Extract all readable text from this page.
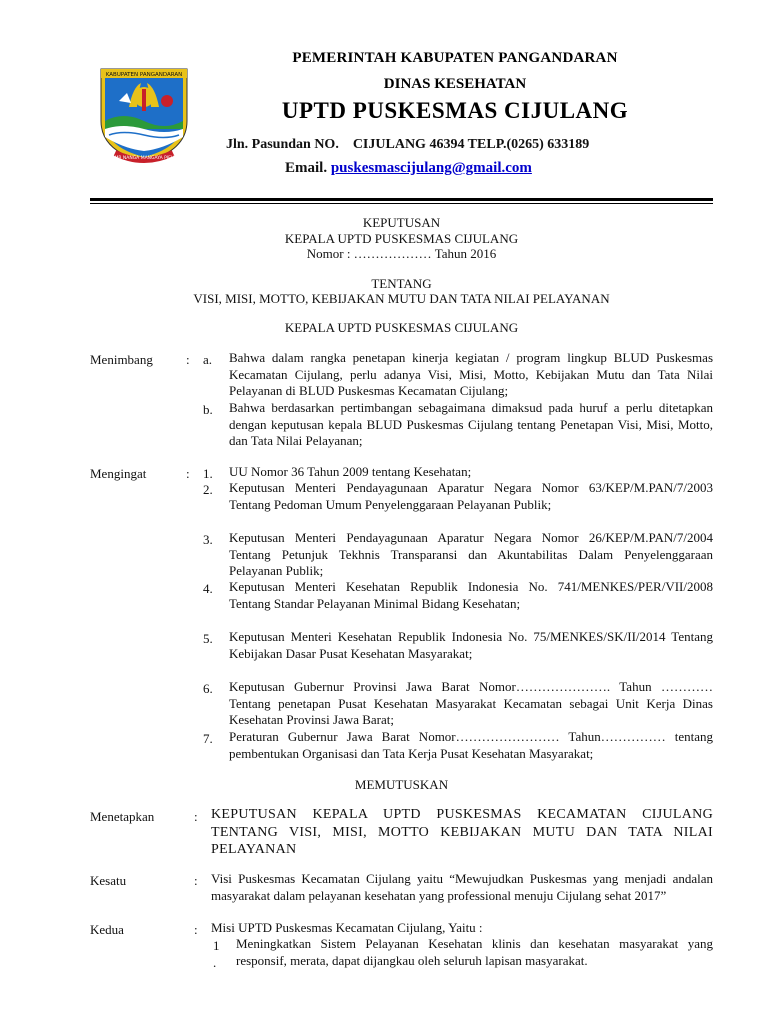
KABUPATEN PANGANDARAN
JEMB NANGA MANGAYA PIEUN
PEMERINTAH KABUPATEN PANGANDARAN
DINAS KESEHATAN
UPTD PUSKESMAS CIJULANG
Jln. Pasundan NO.    CIJULANG 46394 TELP.(0265) 633189
Email. puskesmascijulang@gmail.com
KEPUTUSAN
KEPALA UPTD PUSKESMAS CIJULANG
Nomor : ……………… Tahun 2016
TENTANG
VISI, MISI, MOTTO, KEBIJAKAN MUTU DAN TATA NILAI PELAYANAN
KEPALA UPTD PUSKESMAS CIJULANG
Menimbang	: a. Bahwa dalam rangka penetapan kinerja kegiatan / program lingkup BLUD Puskesmas Kecamatan Cijulang, perlu adanya Visi, Misi, Motto, Kebijakan Mutu dan Tata Nilai Pelayanan di BLUD Puskesmas Kecamatan Cijulang;
b. Bahwa berdasarkan pertimbangan sebagaimana dimaksud pada huruf a perlu ditetapkan dengan keputusan kepala BLUD Puskesmas Cijulang tentang Penetapan Visi, Misi, Motto, dan Tata Nilai Pelayanan;
Mengingat	: 1. UU Nomor 36 Tahun 2009 tentang Kesehatan;
2. Keputusan Menteri Pendayagunaan Aparatur Negara Nomor 63/KEP/M.PAN/7/2003 Tentang Pedoman Umum Penyelenggaraan Pelayanan Publik;
3. Keputusan Menteri Pendayagunaan Aparatur Negara Nomor 26/KEP/M.PAN/7/2004 Tentang Petunjuk Tekhnis Transparansi dan Akuntabilitas Dalam Penyelenggaraan Pelayanan Publik;
4. Keputusan Menteri Kesehatan Republik Indonesia No. 741/MENKES/PER/VII/2008 Tentang Standar Pelayanan Minimal Bidang Kesehatan;
5. Keputusan Menteri Kesehatan Republik Indonesia No. 75/MENKES/SK/II/2014 Tentang Kebijakan Dasar Pusat Kesehatan Masyarakat;
6. Keputusan Gubernur Provinsi Jawa Barat Nomor…………………. Tahun ………… Tentang penetapan Pusat Kesehatan Masyarakat Kecamatan sebagai Unit Kerja Dinas Kesehatan Provinsi Jawa Barat;
7. Peraturan Gubernur Jawa Barat Nomor…………………… Tahun…………… tentang pembentukan Organisasi dan Tata Kerja Pusat Kesehatan Masyarakat;
MEMUTUSKAN
Menetapkan	: KEPUTUSAN KEPALA UPTD PUSKESMAS KECAMATAN CIJULANG TENTANG VISI, MISI, MOTTO KEBIJAKAN MUTU DAN TATA NILAI PELAYANAN
Kesatu	: Visi Puskesmas Kecamatan Cijulang yaitu “Mewujudkan Puskesmas yang menjadi andalan masyarakat dalam pelayanan kesehatan yang professional menuju Cijulang sehat 2017”
Kedua	: Misi UPTD Puskesmas Kecamatan Cijulang, Yaitu :
1
.
Meningkatkan Sistem Pelayanan Kesehatan klinis dan kesehatan masyarakat yang responsif, merata, dapat dijangkau oleh seluruh lapisan masyarakat.
